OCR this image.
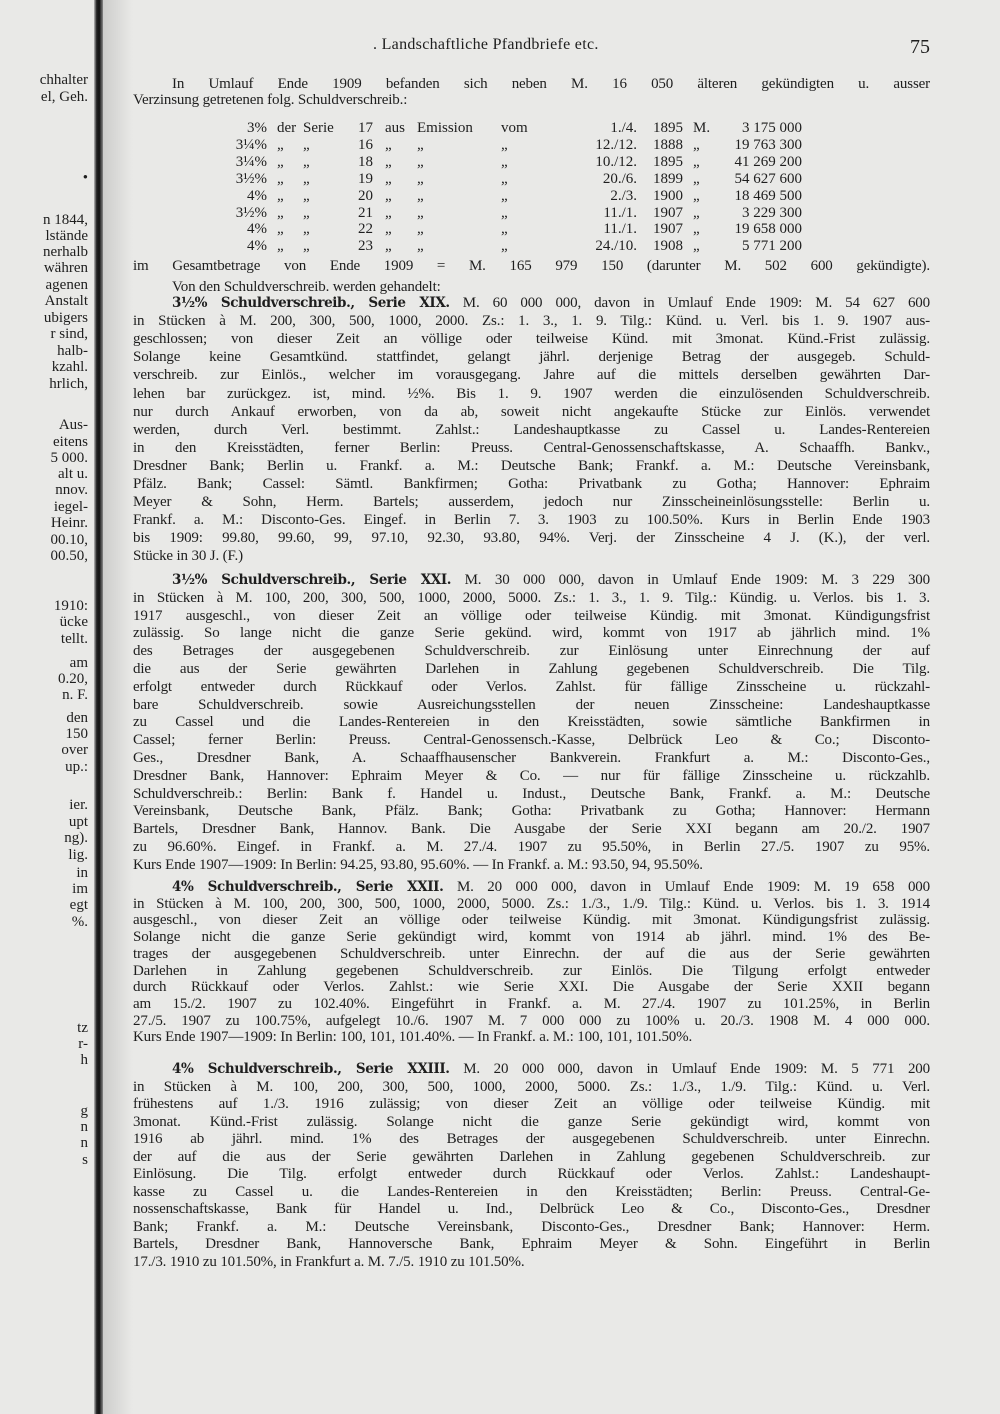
chhalter
el, Geh.
•
n 1844,
lstände
nerhalb
währen
agenen
Anstalt
ubigers
r sind,
halb-
kzahl.
hrlich,
Aus-
eitens
5 000.
alt u.
nnov.
iegel-
Heinr.
00.10,
00.50,
1910:
ücke
tellt.
am
0.20,
n. F.
den
150
over
up.:
ier.
upt
ng).
lig.
in
im
egt
%.
tz
r-
h
g
n
n
s
. Landschaftliche Pfandbriefe etc.	75
In Umlauf Ende 1909 befanden sich neben M. 16 050 älteren gekündigten u. ausser
Verzinsung getretenen folg. Schuldverschreib.:
3% der Serie	17 aus Emission vom	1./4. 1895 M. 3 175 000
3¼% „ „	16 „ „	„	12./12. 1888 „ 19 763 300
3¼% „ „	18 „ „	„	10./12. 1895 „ 41 269 200
3½% „ „	19 „ „	„	20./6. 1899 „ 54 627 600
4% „ „	20 „ „	„	2./3. 1900 „ 18 469 500
3½% „ „	21 „ „	„	11./1. 1907 „	3 229 300
4% „ „	22 „ „	„	11./1. 1907 „ 19 658 000
4% „ „	23 „ „	„	24./10. 1908 „	5 771 200
im Gesamtbetrage von Ende 1909 = M. 165 979 150 (darunter M. 502 600 gekündigte).
Von den Schuldverschreib. werden gehandelt:
3½% Schuldverschreib., Serie XIX. M. 60 000 000, davon in Umlauf Ende 1909: M. 54 627 600
in Stücken à M. 200, 300, 500, 1000, 2000. Zs.: 1. 3., 1. 9. Tilg.: Künd. u. Verl. bis 1. 9. 1907 aus-
geschlossen; von dieser Zeit an völlige oder teilweise Künd. mit 3monat. Künd.-Frist zulässig.
Solange keine Gesamtkünd. stattfindet, gelangt jährl. derjenige Betrag der ausgegeb. Schuld-
verschreib. zur Einlös., welcher im vorausgegang. Jahre auf die mittels derselben gewährten Dar-
lehen bar zurückgez. ist, mind. ½%. Bis 1. 9. 1907 werden die einzulösenden Schuldverschreib.
nur durch Ankauf erworben, von da ab, soweit nicht angekaufte Stücke zur Einlös. verwendet
werden, durch Verl. bestimmt. Zahlst.: Landeshauptkasse zu Cassel u. Landes-Rentereien
in den Kreisstädten, ferner Berlin: Preuss. Central-Genossenschaftskasse, A. Schaaffh. Bankv.,
Dresdner Bank; Berlin u. Frankf. a. M.: Deutsche Bank; Frankf. a. M.: Deutsche Vereinsbank,
Pfälz. Bank; Cassel: Sämtl. Bankfirmen; Gotha: Privatbank zu Gotha; Hannover: Ephraim
Meyer & Sohn, Herm. Bartels; ausserdem, jedoch nur Zinsscheineinlösungsstelle: Berlin u.
Frankf. a. M.: Disconto-Ges. Eingef. in Berlin 7. 3. 1903 zu 100.50%. Kurs in Berlin Ende 1903
bis 1909: 99.80, 99.60, 99, 97.10, 92.30, 93.80, 94%. Verj. der Zinsscheine 4 J. (K.), der verl.
Stücke in 30 J. (F.)
3½% Schuldverschreib., Serie XXI. M. 30 000 000, davon in Umlauf Ende 1909: M. 3 229 300
in Stücken à M. 100, 200, 300, 500, 1000, 2000, 5000. Zs.: 1. 3., 1. 9. Tilg.: Kündig. u. Verlos. bis 1. 3.
1917 ausgeschl., von dieser Zeit an völlige oder teilweise Kündig. mit 3monat. Kündigungsfrist
zulässig. So lange nicht die ganze Serie gekünd. wird, kommt von 1917 ab jährlich mind. 1%
des Betrages der ausgegebenen Schuldverschreib. zur Einlösung unter Einrechnung der auf
die aus der Serie gewährten Darlehen in Zahlung gegebenen Schuldverschreib. Die Tilg.
erfolgt entweder durch Rückkauf oder Verlos. Zahlst. für fällige Zinsscheine u. rückzahl-
bare Schuldverschreib. sowie Ausreichungsstellen der neuen Zinsscheine: Landeshauptkasse
zu Cassel und die Landes-Rentereien in den Kreisstädten, sowie sämtliche Bankfirmen in
Cassel; ferner Berlin: Preuss. Central-Genossensch.-Kasse, Delbrück Leo & Co.; Disconto-
Ges., Dresdner Bank, A. Schaaffhausenscher Bankverein. Frankfurt a. M.: Disconto-Ges.,
Dresdner Bank, Hannover: Ephraim Meyer & Co. — nur für fällige Zinsscheine u. rückzahlb.
Schuldverschreib.: Berlin: Bank f. Handel u. Indust., Deutsche Bank, Frankf. a. M.: Deutsche
Vereinsbank, Deutsche Bank, Pfälz. Bank; Gotha: Privatbank zu Gotha; Hannover: Hermann
Bartels, Dresdner Bank, Hannov. Bank. Die Ausgabe der Serie XXI begann am 20./2. 1907
zu 96.60%. Eingef. in Frankf. a. M. 27./4. 1907 zu 95.50%, in Berlin 27./5. 1907 zu 95%.
Kurs Ende 1907—1909: In Berlin: 94.25, 93.80, 95.60%. — In Frankf. a. M.: 93.50, 94, 95.50%.
4% Schuldverschreib., Serie XXII. M. 20 000 000, davon in Umlauf Ende 1909: M. 19 658 000
in Stücken à M. 100, 200, 300, 500, 1000, 2000, 5000. Zs.: 1./3., 1./9. Tilg.: Künd. u. Verlos. bis 1. 3. 1914
ausgeschl., von dieser Zeit an völlige oder teilweise Kündig. mit 3monat. Kündigungsfrist zulässig.
Solange nicht die ganze Serie gekündigt wird, kommt von 1914 ab jährl. mind. 1% des Be-
trages der ausgegebenen Schuldverschreib. unter Einrechn. der auf die aus der Serie gewährten
Darlehen in Zahlung gegebenen Schuldverschreib. zur Einlös. Die Tilgung erfolgt entweder
durch Rückkauf oder Verlos. Zahlst.: wie Serie XXI. Die Ausgabe der Serie XXII begann
am 15./2. 1907 zu 102.40%. Eingeführt in Frankf. a. M. 27./4. 1907 zu 101.25%, in Berlin
27./5. 1907 zu 100.75%, aufgelegt 10./6. 1907 M. 7 000 000 zu 100% u. 20./3. 1908 M. 4 000 000.
Kurs Ende 1907—1909: In Berlin: 100, 101, 101.40%. — In Frankf. a. M.: 100, 101, 101.50%.
4% Schuldverschreib., Serie XXIII. M. 20 000 000, davon in Umlauf Ende 1909: M. 5 771 200
in Stücken à M. 100, 200, 300, 500, 1000, 2000, 5000. Zs.: 1./3., 1./9. Tilg.: Künd. u. Verl.
frühestens auf 1./3. 1916 zulässig; von dieser Zeit an völlige oder teilweise Kündig. mit
3monat. Künd.-Frist zulässig. Solange nicht die ganze Serie gekündigt wird, kommt von
1916 ab jährl. mind. 1% des Betrages der ausgegebenen Schuldverschreib. unter Einrechn.
der auf die aus der Serie gewährten Darlehen in Zahlung gegebenen Schuldverschreib. zur
Einlösung. Die Tilg. erfolgt entweder durch Rückkauf oder Verlos. Zahlst.: Landeshaupt-
kasse zu Cassel u. die Landes-Rentereien in den Kreisstädten; Berlin: Preuss. Central-Ge-
nossenschaftskasse, Bank für Handel u. Ind., Delbrück Leo & Co., Disconto-Ges., Dresdner
Bank; Frankf. a. M.: Deutsche Vereinsbank, Disconto-Ges., Dresdner Bank; Hannover: Herm.
Bartels, Dresdner Bank, Hannoversche Bank, Ephraim Meyer & Sohn. Eingeführt in Berlin
17./3. 1910 zu 101.50%, in Frankfurt a. M. 7./5. 1910 zu 101.50%.
